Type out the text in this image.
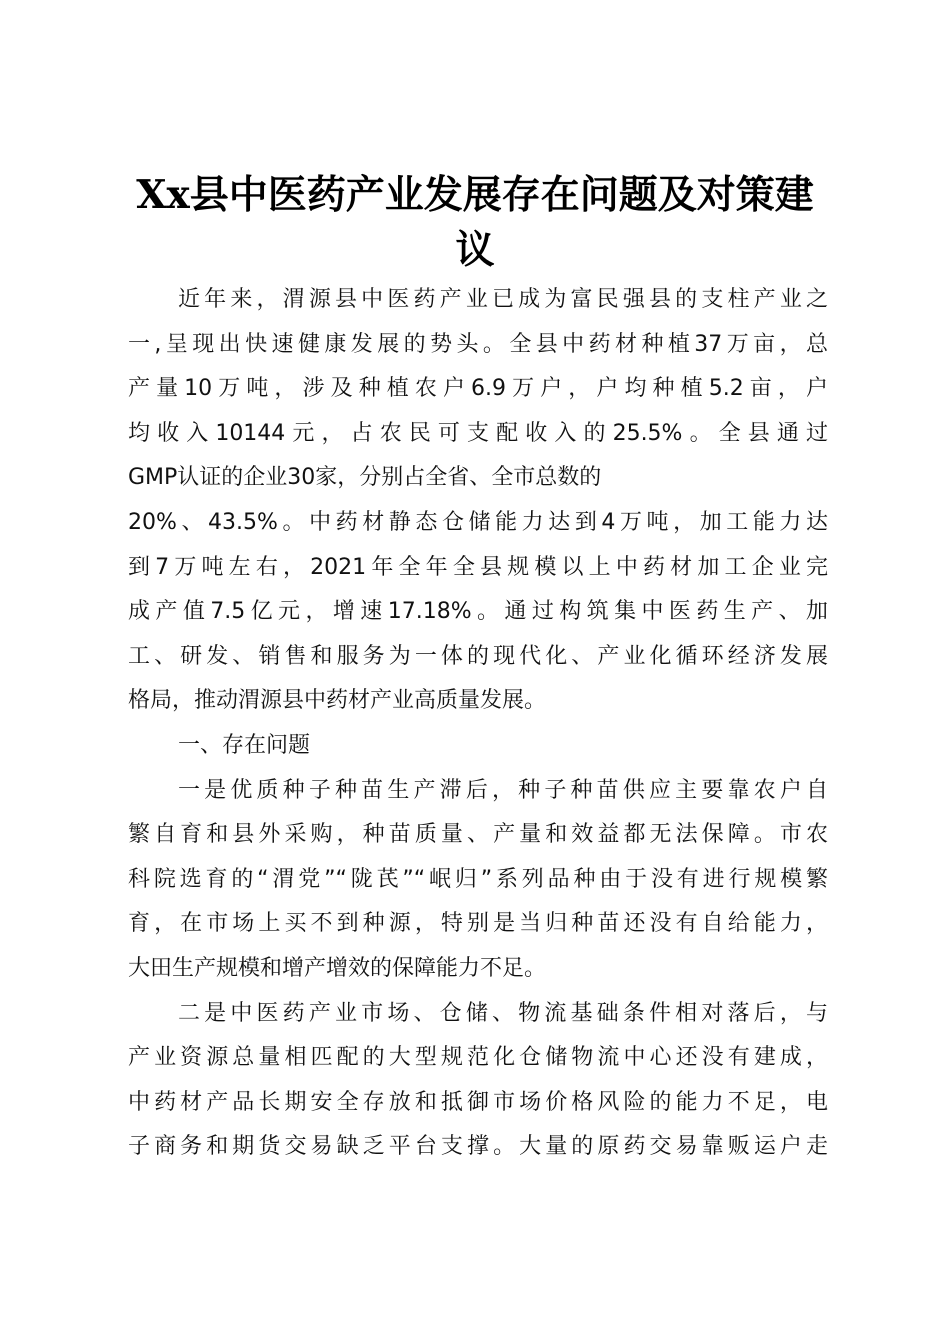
Xx县中医药产业发展存在问题及对策建议
近年来，渭源县中医药产业已成为富民强县的支柱产业之
一,呈现出快速健康发展的势头。全县中药材种植37万亩，总
产量10万吨，涉及种植农户6.9万户，户均种植5.2亩，户
均收入10144元，占农民可支配收入的25.5%。全县通过
GMP认证的企业30家，分别占全省、全市总数的
20%、43.5%。中药材静态仓储能力达到4万吨，加工能力达
到7万吨左右，2021年全年全县规模以上中药材加工企业完
成产值7.5亿元，增速17.18%。通过构筑集中医药生产、加
工、研发、销售和服务为一体的现代化、产业化循环经济发展
格局，推动渭源县中药材产业高质量发展。
一、存在问题
一是优质种子种苗生产滞后，种子种苗供应主要靠农户自
繁自育和县外采购，种苗质量、产量和效益都无法保障。市农
科院选育的“渭党”“陇芪”“岷归”系列品种由于没有进行规模繁
育，在市场上买不到种源，特别是当归种苗还没有自给能力，
大田生产规模和增产增效的保障能力不足。
二是中医药产业市场、仓储、物流基础条件相对落后，与
产业资源总量相匹配的大型规范化仓储物流中心还没有建成，
中药材产品长期安全存放和抵御市场价格风险的能力不足，电
子商务和期货交易缺乏平台支撑。大量的原药交易靠贩运户走
